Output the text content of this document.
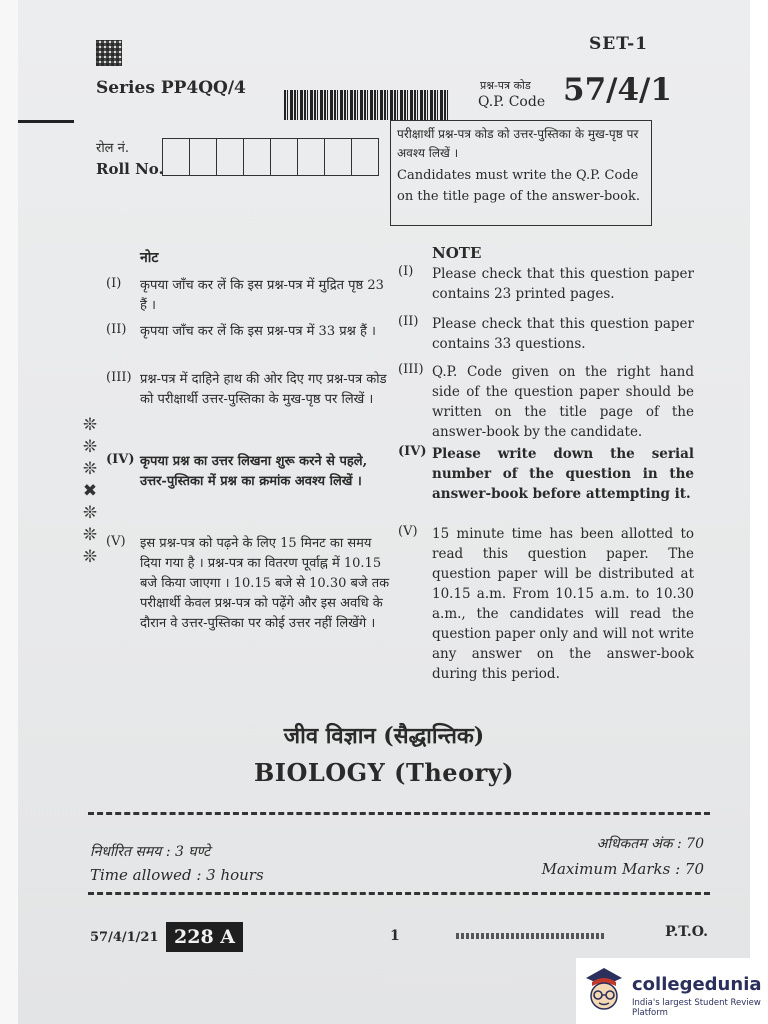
SET-1
Series PP4QQ/4	प्रश्न-पत्र कोड
Q.P. Code 57/4/1
रोल नं.
Roll No.
परीक्षार्थी प्रश्न-पत्र कोड को उत्तर-पुस्तिका के मुख-पृष्ठ पर अवश्य लिखें ।
Candidates must write the Q.P. Code on the title page of the answer-book.
नोट	NOTE
(I) कृपया जाँच कर लें कि इस प्रश्न-पत्र में मुद्रित पृष्ठ 23 हैं ।
(II) कृपया जाँच कर लें कि इस प्रश्न-पत्र में 33 प्रश्न हैं ।
(III) प्रश्न-पत्र में दाहिने हाथ की ओर दिए गए प्रश्न-पत्र कोड को परीक्षार्थी उत्तर-पुस्तिका के मुख-पृष्ठ पर लिखें ।
(IV) कृपया प्रश्न का उत्तर लिखना शुरू करने से पहले, उत्तर-पुस्तिका में प्रश्न का क्रमांक अवश्य लिखें ।
(V) इस प्रश्न-पत्र को पढ़ने के लिए 15 मिनट का समय दिया गया है । प्रश्न-पत्र का वितरण पूर्वाह्न में 10.15 बजे किया जाएगा । 10.15 बजे से 10.30 बजे तक परीक्षार्थी केवल प्रश्न-पत्र को पढ़ेंगे और इस अवधि के दौरान वे उत्तर-पुस्तिका पर कोई उत्तर नहीं लिखेंगे ।
(I) Please check that this question paper contains 23 printed pages.
(II) Please check that this question paper contains 33 questions.
(III) Q.P. Code given on the right hand side of the question paper should be written on the title page of the answer-book by the candidate.
(IV) Please write down the serial number of the question in the answer-book before attempting it.
(V) 15 minute time has been allotted to read this question paper. The question paper will be distributed at 10.15 a.m. From 10.15 a.m. to 10.30 a.m., the candidates will read the question paper only and will not write any answer on the answer-book during this period.
❊
❊
❊
✖
❊
❊
❊
जीव विज्ञान (सैद्धान्तिक)
BIOLOGY (Theory)
निर्धारित समय : 3 घण्टे
Time allowed : 3 hours
अधिकतम अंक : 70
Maximum Marks : 70
57/4/1/21 228 A	1	P.T.O.
collegedunia
India's largest Student Review Platform
